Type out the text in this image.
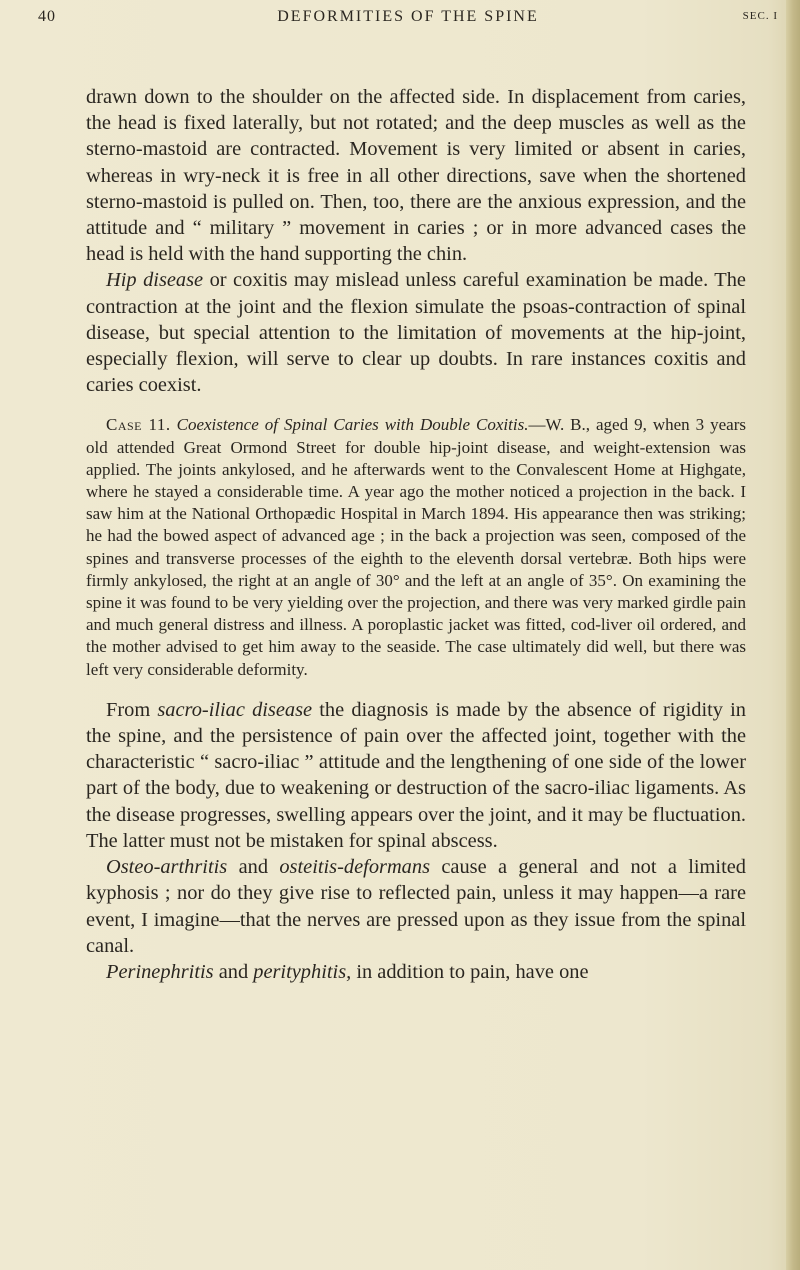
40	DEFORMITIES OF THE SPINE	SEC. I

drawn down to the shoulder on the affected side. In displacement from caries, the head is fixed laterally, but not rotated; and the deep muscles as well as the sterno-mastoid are contracted. Movement is very limited or absent in caries, whereas in wry-neck it is free in all other directions, save when the shortened sterno-mastoid is pulled on. Then, too, there are the anxious expression, and the attitude and “ military ” movement in caries ; or in more advanced cases the head is held with the hand supporting the chin.

Hip disease or coxitis may mislead unless careful examination be made. The contraction at the joint and the flexion simulate the psoas-contraction of spinal disease, but special attention to the limitation of movements at the hip-joint, especially flexion, will serve to clear up doubts. In rare instances coxitis and caries coexist.

Case 11. Coexistence of Spinal Caries with Double Coxitis.—W. B., aged 9, when 3 years old attended Great Ormond Street for double hip-joint disease, and weight-extension was applied. The joints ankylosed, and he afterwards went to the Convalescent Home at Highgate, where he stayed a considerable time. A year ago the mother noticed a projection in the back. I saw him at the National Orthopædic Hospital in March 1894. His appearance then was striking; he had the bowed aspect of advanced age ; in the back a projection was seen, composed of the spines and transverse processes of the eighth to the eleventh dorsal vertebræ. Both hips were firmly ankylosed, the right at an angle of 30° and the left at an angle of 35°. On examining the spine it was found to be very yielding over the projection, and there was very marked girdle pain and much general distress and illness. A poroplastic jacket was fitted, cod-liver oil ordered, and the mother advised to get him away to the seaside. The case ultimately did well, but there was left very considerable deformity.

From sacro-iliac disease the diagnosis is made by the absence of rigidity in the spine, and the persistence of pain over the affected joint, together with the characteristic “ sacro-iliac ” attitude and the lengthening of one side of the lower part of the body, due to weakening or destruction of the sacro-iliac ligaments. As the disease progresses, swelling appears over the joint, and it may be fluctuation. The latter must not be mistaken for spinal abscess.

Osteo-arthritis and osteitis-deformans cause a general and not a limited kyphosis ; nor do they give rise to reflected pain, unless it may happen—a rare event, I imagine—that the nerves are pressed upon as they issue from the spinal canal.

Perinephritis and perityphitis, in addition to pain, have one
